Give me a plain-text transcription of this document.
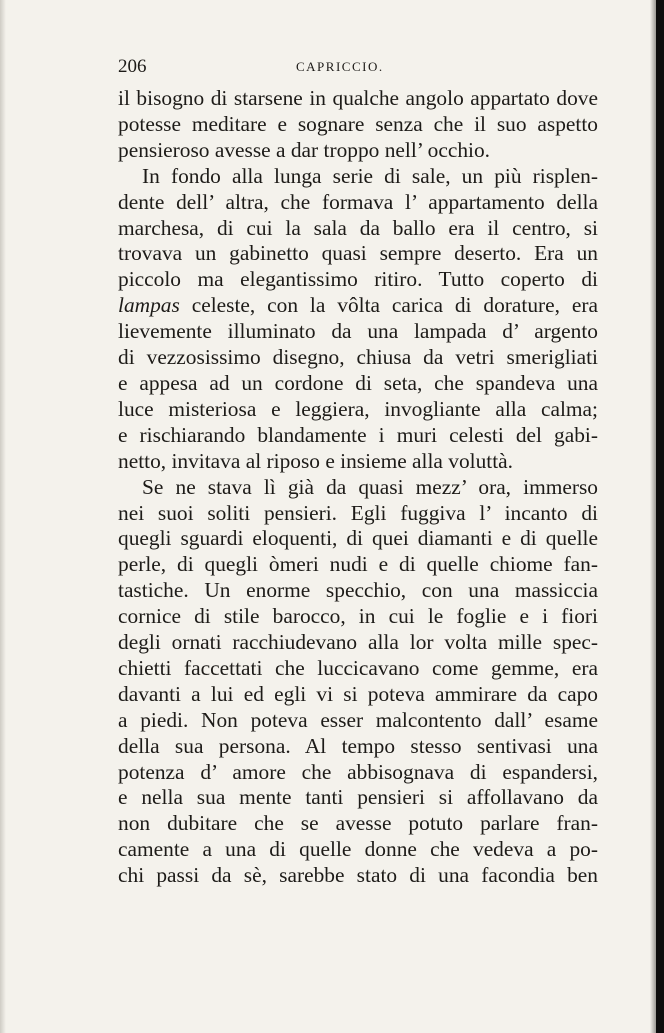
206	CAPRICCIO.
il bisogno di starsene in qualche angolo appartato dove
potesse meditare e sognare senza che il suo aspetto
pensieroso avesse a dar troppo nell’ occhio.
In fondo alla lunga serie di sale, un più risplen-
dente dell’ altra, che formava l’ appartamento della
marchesa, di cui la sala da ballo era il centro, si
trovava un gabinetto quasi sempre deserto. Era un
piccolo ma elegantissimo ritiro. Tutto coperto di
lampas celeste, con la vôlta carica di dorature, era
lievemente illuminato da una lampada d’ argento
di vezzosissimo disegno, chiusa da vetri smerigliati
e appesa ad un cordone di seta, che spandeva una
luce misteriosa e leggiera, invogliante alla calma;
e rischiarando blandamente i muri celesti del gabi-
netto, invitava al riposo e insieme alla voluttà.
Se ne stava lì già da quasi mezz’ ora, immerso
nei suoi soliti pensieri. Egli fuggiva l’ incanto di
quegli sguardi eloquenti, di quei diamanti e di quelle
perle, di quegli òmeri nudi e di quelle chiome fan-
tastiche. Un enorme specchio, con una massiccia
cornice di stile barocco, in cui le foglie e i fiori
degli ornati racchiudevano alla lor volta mille spec-
chietti faccettati che luccicavano come gemme, era
davanti a lui ed egli vi si poteva ammirare da capo
a piedi. Non poteva esser malcontento dall’ esame
della sua persona. Al tempo stesso sentivasi una
potenza d’ amore che abbisognava di espandersi,
e nella sua mente tanti pensieri si affollavano da
non dubitare che se avesse potuto parlare fran-
camente a una di quelle donne che vedeva a po-
chi passi da sè, sarebbe stato di una facondia ben
